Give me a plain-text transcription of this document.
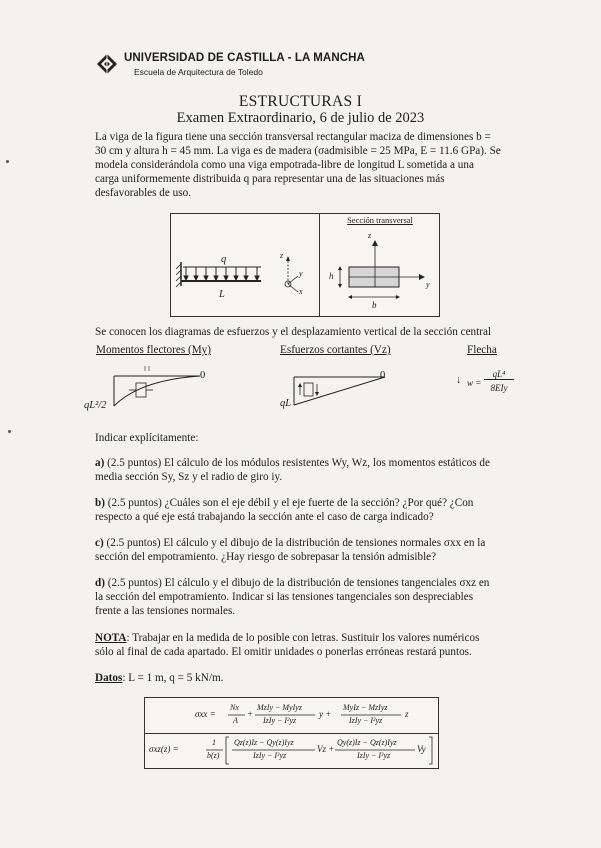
UNIVERSIDAD DE CASTILLA - LA MANCHA
Escuela de Arquitectura de Toledo
ESTRUCTURAS I
Examen Extraordinario, 6 de julio de 2023
La viga de la figura tiene una sección transversal rectangular maciza de dimensiones b =
30 cm y altura h = 45 mm. La viga es de madera (σadmisible = 25 MPa, E = 11.6 GPa). Se
modela considerándola como una viga empotrada-libre de longitud L sometida a una
carga uniformemente distribuida q para representar una de las situaciones más
desfavorables de uso.
Sección transversal
q
L
z
y
x
z
y
h
b
Se conocen los diagramas de esfuerzos y el desplazamiento vertical de la sección central
Momentos flectores (My)	Esfuerzos cortantes (Vz)	Flecha
0
qL²/2
0
qL
↓ w =
qL⁴
8EIy
Indicar explícitamente:
a) (2.5 puntos) El cálculo de los módulos resistentes Wy, Wz, los momentos estáticos de
media sección Sy, Sz y el radio de giro iy.
b) (2.5 puntos) ¿Cuáles son el eje débil y el eje fuerte de la sección? ¿Por qué? ¿Con
respecto a qué eje está trabajando la sección ante el caso de carga indicado?
c) (2.5 puntos) El cálculo y el dibujo de la distribución de tensiones normales σxx en la
sección del empotramiento. ¿Hay riesgo de sobrepasar la tensión admisible?
d) (2.5 puntos) El cálculo y el dibujo de la distribución de tensiones tangenciales σxz en
la sección del empotramiento. Indicar si las tensiones tangenciales son despreciables
frente a las tensiones normales.
NOTA: Trabajar en la medida de lo posible con letras. Sustituir los valores numéricos
sólo al final de cada apartado. El omitir unidades o ponerlas erróneas restará puntos.
Datos: L = 1 m, q = 5 kN/m.
σxx =
Nx
A
+
MzIy − MyIyz
IzIy − I²yz
y +
MyIz − MzIyz
IzIy − I²yz
z
σxz(z) =
1
b(z)
Qz(z)Iz − Qy(z)Iyz
IzIy − I²yz
Vz +
Qy(z)Iz − Qz(z)Iyz
IzIy − I²yz
Vy
